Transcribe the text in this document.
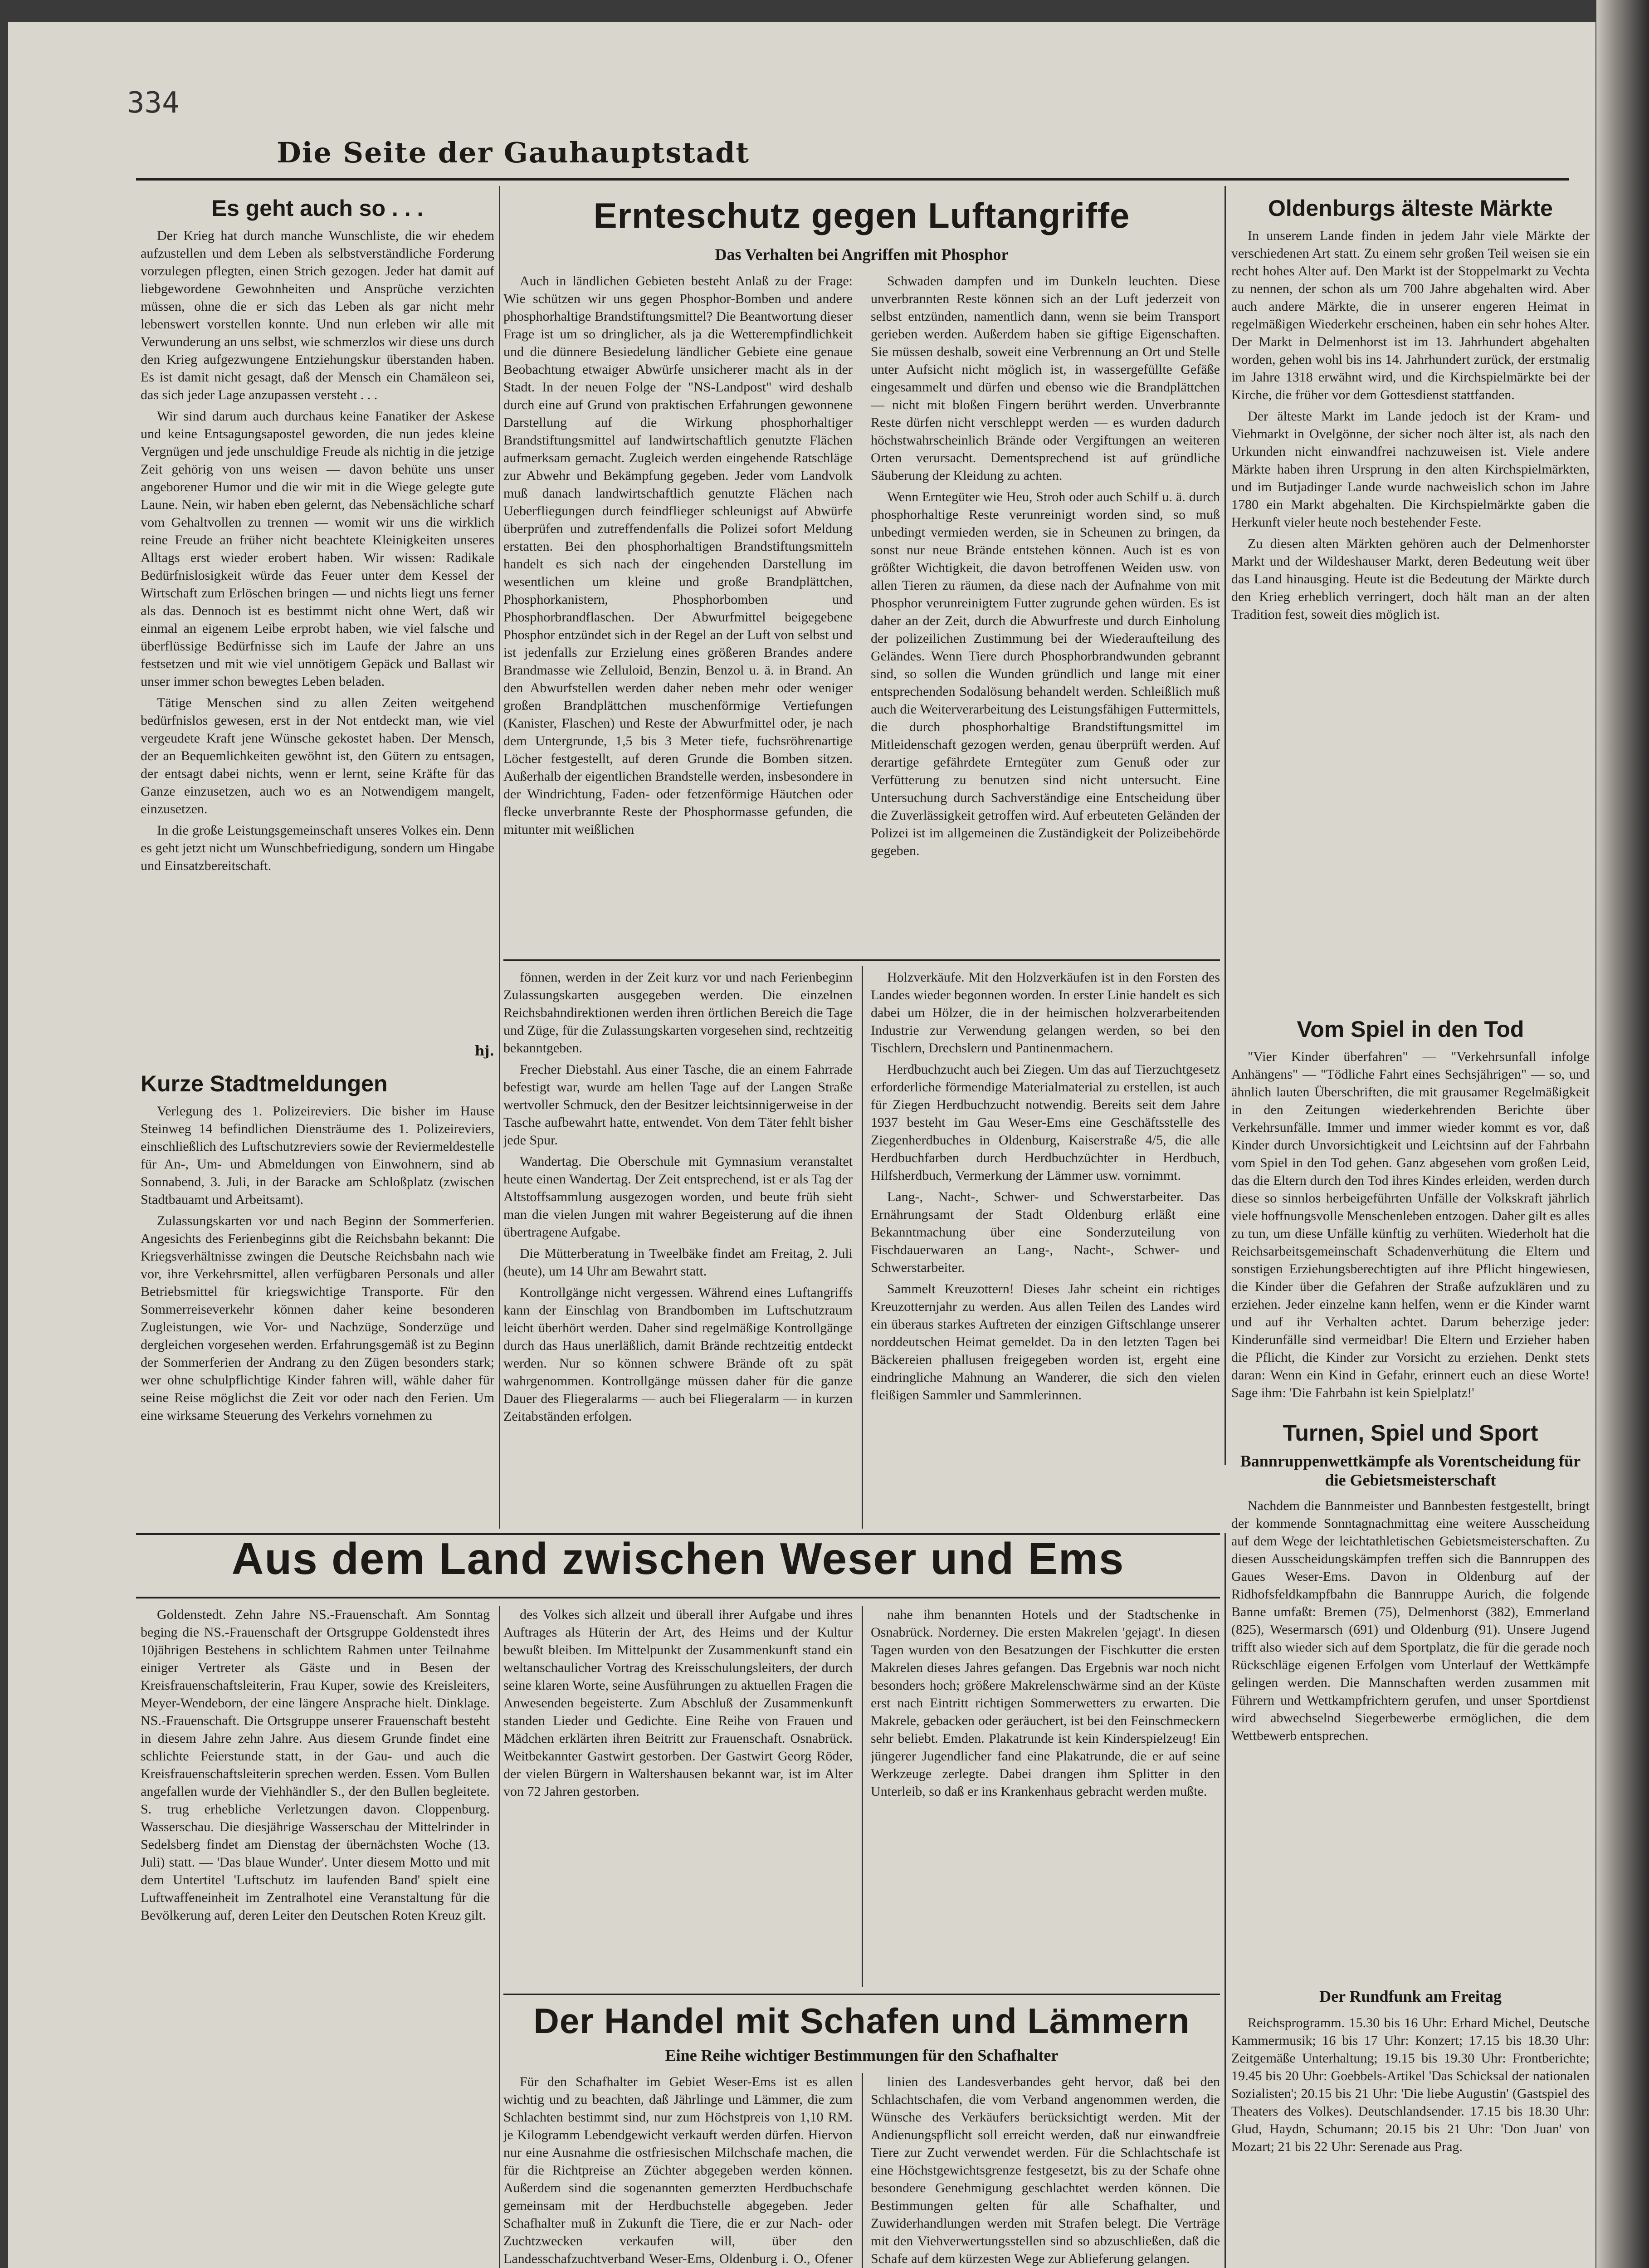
334
Die Seite der Gauhauptstadt
Es geht auch so . . .

Der Krieg hat durch manche Wunschliste, die wir ehedem aufzustellen und dem Leben als selbstverständliche Forderung vorzulegen pflegten, einen Strich gezogen. Jeder hat damit auf liebgewordene Gewohnheiten und Ansprüche verzichten müssen, ohne die er sich das Leben als gar nicht mehr lebenswert vorstellen konnte. Und nun erleben wir alle mit Verwunderung an uns selbst, wie schmerzlos wir diese uns durch den Krieg aufgezwungene Entziehungskur überstanden haben. Es ist damit nicht gesagt, daß der Mensch ein Chamäleon sei, das sich jeder Lage anzupassen versteht . . .

Wir sind darum auch durchaus keine Fanatiker der Askese und keine Entsagungsapostel geworden, die nun jedes kleine Vergnügen und jede unschuldige Freude als nichtig in die jetzige Zeit gehörig von uns weisen — davon behüte uns unser angeborener Humor und die wir mit in die Wiege gelegte gute Laune. Nein, wir haben eben gelernt, das Nebensächliche scharf vom Gehaltvollen zu trennen — womit wir uns die wirklich reine Freude an früher nicht beachtete Kleinigkeiten unseres Alltags erst wieder erobert haben. Wir wissen: Radikale Bedürfnislosigkeit würde das Feuer unter dem Kessel der Wirtschaft zum Erlöschen bringen — und nichts liegt uns ferner als das. Dennoch ist es bestimmt nicht ohne Wert, daß wir einmal an eigenem Leibe erprobt haben, wie viel falsche und überflüssige Bedürfnisse sich im Laufe der Jahre an uns festsetzen und mit wie viel unnötigem Gepäck und Ballast wir unser immer schon bewegtes Leben beladen.

Tätige Menschen sind zu allen Zeiten weitgehend bedürfnislos gewesen, erst in der Not entdeckt man, wie viel vergeudete Kraft jene Wünsche gekostet haben. Der Mensch, der an Bequemlichkeiten gewöhnt ist, den Gütern zu entsagen, der entsagt dabei nichts, wenn er lernt, seine Kräfte für das Ganze einzusetzen, auch wo es an Notwendigem mangelt, einzusetzen.

In die große Leistungsgemeinschaft unseres Volkes ein. Denn es geht jetzt nicht um Wunschbefriedigung, sondern um Hingabe und Einsatzbereitschaft.

hj.
Kurze Stadtmeldungen

Verlegung des 1. Polizeireviers. Die bisher im Hause Steinweg 14 befindlichen Diensträume des 1. Polizeireviers, einschließlich des Luftschutzreviers sowie der Reviermeldestelle für An-, Um- und Abmeldungen von Einwohnern, sind ab Sonnabend, 3. Juli, in der Baracke am Schloßplatz (zwischen Stadtbauamt und Arbeitsamt).

Zulassungskarten vor und nach Beginn der Sommerferien. Angesichts des Ferienbeginns gibt die Reichsbahn bekannt: Die Kriegsverhältnisse zwingen die Deutsche Reichsbahn nach wie vor, ihre Verkehrsmittel, allen verfügbaren Personals und aller Betriebsmittel für kriegswichtige Transporte. Für den Sommerreiseverkehr können daher keine besonderen Zugleistungen, wie Vor- und Nachzüge, Sonderzüge und dergleichen vorgesehen werden. Erfahrungsgemäß ist zu Beginn der Sommerferien der Andrang zu den Zügen besonders stark; wer ohne schulpflichtige Kinder fahren will, wähle daher für seine Reise möglichst die Zeit vor oder nach den Ferien. Um eine wirksame Steuerung des Verkehrs vornehmen zu

Ernteschutz gegen Luftangriffe
Das Verhalten bei Angriffen mit Phosphor

Auch in ländlichen Gebieten besteht Anlaß zu der Frage: Wie schützen wir uns gegen Phosphor-Bomben und andere phosphorhaltige Brandstiftungsmittel? Die Beantwortung dieser Frage ist um so dringlicher, als ja die Wetterempfindlichkeit und die dünnere Besiedelung ländlicher Gebiete eine genaue Beobachtung etwaiger Abwürfe unsicherer macht als in der Stadt. In der neuen Folge der "NS-Landpost" wird deshalb durch eine auf Grund von praktischen Erfahrungen gewonnene Darstellung auf die Wirkung phosphorhaltiger Brandstiftungsmittel auf landwirtschaftlich genutzte Flächen aufmerksam gemacht. Zugleich werden eingehende Ratschläge zur Abwehr und Bekämpfung gegeben. Jeder vom Landvolk muß danach landwirtschaftlich genutzte Flächen nach Ueberfliegungen durch feindflieger schleunigst auf Abwürfe überprüfen und zutreffendenfalls die Polizei sofort Meldung erstatten. Bei den phosphorhaltigen Brandstiftungsmitteln handelt es sich nach der eingehenden Darstellung im wesentlichen um kleine und große Brandplättchen, Phosphorkanistern, Phosphorbomben und Phosphorbrandflaschen. Der Abwurfmittel beigegebene Phosphor entzündet sich in der Regel an der Luft von selbst und ist jedenfalls zur Erzielung eines größeren Brandes andere Brandmasse wie Zelluloid, Benzin, Benzol u. ä. in Brand. An den Abwurfstellen werden daher neben mehr oder weniger großen Brandplättchen muschenförmige Vertiefungen (Kanister, Flaschen) und Reste der Abwurfmittel oder, je nach dem Untergrunde, 1,5 bis 3 Meter tiefe, fuchsröhrenartige Löcher festgestellt, auf deren Grunde die Bomben sitzen. Außerhalb der eigentlichen Brandstelle werden, insbesondere in der Windrichtung, Faden- oder fetzenförmige Häutchen oder flecke unverbrannte Reste der Phosphormasse gefunden, die mitunter mit weißlichen

Schwaden dampfen und im Dunkeln leuchten. Diese unverbrannten Reste können sich an der Luft jederzeit von selbst entzünden, namentlich dann, wenn sie beim Transport gerieben werden. Außerdem haben sie giftige Eigenschaften. Sie müssen deshalb, soweit eine Verbrennung an Ort und Stelle unter Aufsicht nicht möglich ist, in wassergefüllte Gefäße eingesammelt und dürfen und ebenso wie die Brandplättchen — nicht mit bloßen Fingern berührt werden. Unverbrannte Reste dürfen nicht verschleppt werden — es wurden dadurch höchstwahrscheinlich Brände oder Vergiftungen an weiteren Orten verursacht. Dementsprechend ist auf gründliche Säuberung der Kleidung zu achten.

Wenn Erntegüter wie Heu, Stroh oder auch Schilf u. ä. durch phosphorhaltige Reste verunreinigt worden sind, so muß unbedingt vermieden werden, sie in Scheunen zu bringen, da sonst nur neue Brände entstehen können. Auch ist es von größter Wichtigkeit, die davon betroffenen Weiden usw. von allen Tieren zu räumen, da diese nach der Aufnahme von mit Phosphor verunreinigtem Futter zugrunde gehen würden. Es ist daher an der Zeit, durch die Abwurfreste und durch Einholung der polizeilichen Zustimmung bei der Wiederaufteilung des Geländes. Wenn Tiere durch Phosphorbrandwunden gebrannt sind, so sollen die Wunden gründlich und lange mit einer entsprechenden Sodalösung behandelt werden. Schleißlich muß auch die Weiterverarbeitung des Leistungsfähigen Futtermittels, die durch phosphorhaltige Brandstiftungsmittel im Mitleidenschaft gezogen werden, genau überprüft werden. Auf derartige gefährdete Erntegüter zum Genuß oder zur Verfütterung zu benutzen sind nicht untersucht. Eine Untersuchung durch Sachverständige eine Entscheidung über die Zuverlässigkeit getroffen wird. Auf erbeuteten Geländen der Polizei ist im allgemeinen die Zuständigkeit der Polizeibehörde gegeben.

fönnen, werden in der Zeit kurz vor und nach Ferienbeginn Zulassungskarten ausgegeben werden. Die einzelnen Reichsbahndirektionen werden ihren örtlichen Bereich die Tage und Züge, für die Zulassungskarten vorgesehen sind, rechtzeitig bekanntgeben.

Frecher Diebstahl. Aus einer Tasche, die an einem Fahrrade befestigt war, wurde am hellen Tage auf der Langen Straße wertvoller Schmuck, den der Besitzer leichtsinnigerweise in der Tasche aufbewahrt hatte, entwendet. Von dem Täter fehlt bisher jede Spur.

Wandertag. Die Oberschule mit Gymnasium veranstaltet heute einen Wandertag. Der Zeit entsprechend, ist er als Tag der Altstoffsammlung ausgezogen worden, und beute früh sieht man die vielen Jungen mit wahrer Begeisterung auf die ihnen übertragene Aufgabe.

Die Mütterberatung in Tweelbäke findet am Freitag, 2. Juli (heute), um 14 Uhr am Bewahrt statt.

Kontrollgänge nicht vergessen. Während eines Luftangriffs kann der Einschlag von Brandbomben im Luftschutzraum leicht überhört werden. Daher sind regelmäßige Kontrollgänge durch das Haus unerläßlich, damit Brände rechtzeitig entdeckt werden. Nur so können schwere Brände oft zu spät wahrgenommen. Kontrollgänge müssen daher für die ganze Dauer des Fliegeralarms — auch bei Fliegeralarm — in kurzen Zeitabständen erfolgen.

Holzverkäufe. Mit den Holzverkäufen ist in den Forsten des Landes wieder begonnen worden. In erster Linie handelt es sich dabei um Hölzer, die in der heimischen holzverarbeitenden Industrie zur Verwendung gelangen werden, so bei den Tischlern, Drechslern und Pantinenmachern.

Herdbuchzucht auch bei Ziegen. Um das auf Tierzuchtgesetz erforderliche förmendige Materialmaterial zu erstellen, ist auch für Ziegen Herdbuchzucht notwendig. Bereits seit dem Jahre 1937 besteht im Gau Weser-Ems eine Geschäftsstelle des Ziegenherdbuches in Oldenburg, Kaiserstraße 4/5, die alle Herdbuchfarben durch Herdbuchzüchter in Herdbuch, Hilfsherdbuch, Vermerkung der Lämmer usw. vornimmt.

Lang-, Nacht-, Schwer- und Schwerstarbeiter. Das Ernährungsamt der Stadt Oldenburg erläßt eine Bekanntmachung über eine Sonderzuteilung von Fischdauerwaren an Lang-, Nacht-, Schwer- und Schwerstarbeiter.

Sammelt Kreuzottern! Dieses Jahr scheint ein richtiges Kreuzotternjahr zu werden. Aus allen Teilen des Landes wird ein überaus starkes Auftreten der einzigen Giftschlange unserer norddeutschen Heimat gemeldet. Da in den letzten Tagen bei Bäckereien phallusen freigegeben worden ist, ergeht eine eindringliche Mahnung an Wanderer, die sich den vielen fleißigen Sammler und Sammlerinnen.

Oldenburgs älteste Märkte

In unserem Lande finden in jedem Jahr viele Märkte der verschiedenen Art statt. Zu einem sehr großen Teil weisen sie ein recht hohes Alter auf. Den Markt ist der Stoppelmarkt zu Vechta zu nennen, der schon als um 700 Jahre abgehalten wird. Aber auch andere Märkte, die in unserer engeren Heimat in regelmäßigen Wiederkehr erscheinen, haben ein sehr hohes Alter. Der Markt in Delmenhorst ist im 13. Jahrhundert abgehalten worden, gehen wohl bis ins 14. Jahrhundert zurück, der erstmalig im Jahre 1318 erwähnt wird, und die Kirchspielmärkte bei der Kirche, die früher vor dem Gottesdienst stattfanden.

Der älteste Markt im Lande jedoch ist der Kram- und Viehmarkt in Ovelgönne, der sicher noch älter ist, als nach den Urkunden nicht einwandfrei nachzuweisen ist. Viele andere Märkte haben ihren Ursprung in den alten Kirchspielmärkten, und im Butjadinger Lande wurde nachweislich schon im Jahre 1780 ein Markt abgehalten. Die Kirchspielmärkte gaben die Herkunft vieler heute noch bestehender Feste.

Zu diesen alten Märkten gehören auch der Delmenhorster Markt und der Wildeshauser Markt, deren Bedeutung weit über das Land hinausging. Heute ist die Bedeutung der Märkte durch den Krieg erheblich verringert, doch hält man an der alten Tradition fest, soweit dies möglich ist.

Vom Spiel in den Tod

"Vier Kinder überfahren" — "Verkehrsunfall infolge Anhängens" — "Tödliche Fahrt eines Sechsjährigen" — so, und ähnlich lauten Überschriften, die mit grausamer Regelmäßigkeit in den Zeitungen wiederkehrenden Berichte über Verkehrsunfälle. Immer und immer wieder kommt es vor, daß Kinder durch Unvorsichtigkeit und Leichtsinn auf der Fahrbahn vom Spiel in den Tod gehen. Ganz abgesehen vom großen Leid, das die Eltern durch den Tod ihres Kindes erleiden, werden durch diese so sinnlos herbeigeführten Unfälle der Volkskraft jährlich viele hoffnungsvolle Menschenleben entzogen. Daher gilt es alles zu tun, um diese Unfälle künftig zu verhüten. Wiederholt hat die Reichsarbeitsgemeinschaft Schadenverhütung die Eltern und sonstigen Erziehungsberechtigten auf ihre Pflicht hingewiesen, die Kinder über die Gefahren der Straße aufzuklären und zu erziehen. Jeder einzelne kann helfen, wenn er die Kinder warnt und auf ihr Verhalten achtet. Darum beherzige jeder: Kinderunfälle sind vermeidbar! Die Eltern und Erzieher haben die Pflicht, die Kinder zur Vorsicht zu erziehen. Denkt stets daran: Wenn ein Kind in Gefahr, erinnert euch an diese Worte! Sage ihm: 'Die Fahrbahn ist kein Spielplatz!'

Turnen, Spiel und Sport
Bannruppenwettkämpfe als Vorentscheidung für die Gebietsmeisterschaft

Nachdem die Bannmeister und Bannbesten festgestellt, bringt der kommende Sonntagnachmittag eine weitere Ausscheidung auf dem Wege der leichtathletischen Gebietsmeisterschaften. Zu diesen Ausscheidungskämpfen treffen sich die Bannruppen des Gaues Weser-Ems. Davon in Oldenburg auf der Ridhofsfeldkampfbahn die Bannruppe Aurich, die folgende Banne umfaßt: Bremen (75), Delmenhorst (382), Emmerland (825), Wesermarsch (691) und Oldenburg (91). Unsere Jugend trifft also wieder sich auf dem Sportplatz, die für die gerade noch Rückschläge eigenen Erfolgen vom Unterlauf der Wettkämpfe gelingen werden. Die Mannschaften werden zusammen mit Führern und Wettkampfrichtern gerufen, und unser Sportdienst wird abwechselnd Siegerbewerbe ermöglichen, die dem Wettbewerb entsprechen.

Der Rundfunk am Freitag

Reichsprogramm. 15.30 bis 16 Uhr: Erhard Michel, Deutsche Kammermusik; 16 bis 17 Uhr: Konzert; 17.15 bis 18.30 Uhr: Zeitgemäße Unterhaltung; 19.15 bis 19.30 Uhr: Frontberichte; 19.45 bis 20 Uhr: Goebbels-Artikel 'Das Schicksal der nationalen Sozialisten'; 20.15 bis 21 Uhr: 'Die liebe Augustin' (Gastspiel des Theaters des Volkes). Deutschlandsender. 17.15 bis 18.30 Uhr: Glud, Haydn, Schumann; 20.15 bis 21 Uhr: 'Don Juan' von Mozart; 21 bis 22 Uhr: Serenade aus Prag.

Aus dem Land zwischen Weser und Ems

Goldenstedt. Zehn Jahre NS.-Frauenschaft. Am Sonntag beging die NS.-Frauenschaft der Ortsgruppe Goldenstedt ihres 10jährigen Bestehens in schlichtem Rahmen unter Teilnahme einiger Vertreter als Gäste und in Besen der Kreisfrauenschaftsleiterin, Frau Kuper, sowie des Kreisleiters, Meyer-Wendeborn, der eine längere Ansprache hielt. Dinklage. NS.-Frauenschaft. Die Ortsgruppe unserer Frauenschaft besteht in diesem Jahre zehn Jahre. Aus diesem Grunde findet eine schlichte Feierstunde statt, in der Gau- und auch die Kreisfrauenschaftsleiterin sprechen werden. Essen. Vom Bullen angefallen wurde der Viehhändler S., der den Bullen begleitete. S. trug erhebliche Verletzungen davon. Cloppenburg. Wasserschau. Die diesjährige Wasserschau der Mittelrinder in Sedelsberg findet am Dienstag der übernächsten Woche (13. Juli) statt. — 'Das blaue Wunder'. Unter diesem Motto und mit dem Untertitel 'Luftschutz im laufenden Band' spielt eine Luftwaffeneinheit im Zentralhotel eine Veranstaltung für die Bevölkerung auf, deren Leiter den Deutschen Roten Kreuz gilt.

des Volkes sich allzeit und überall ihrer Aufgabe und ihres Auftrages als Hüterin der Art, des Heims und der Kultur bewußt bleiben. Im Mittelpunkt der Zusammenkunft stand ein weltanschaulicher Vortrag des Kreisschulungsleiters, der durch seine klaren Worte, seine Ausführungen zu aktuellen Fragen die Anwesenden begeisterte. Zum Abschluß der Zusammenkunft standen Lieder und Gedichte. Eine Reihe von Frauen und Mädchen erklärten ihren Beitritt zur Frauenschaft. Osnabrück. Weitbekannter Gastwirt gestorben. Der Gastwirt Georg Röder, der vielen Bürgern in Waltershausen bekannt war, ist im Alter von 72 Jahren gestorben.

nahe ihm benannten Hotels und der Stadtschenke in Osnabrück. Norderney. Die ersten Makrelen 'gejagt'. In diesen Tagen wurden von den Besatzungen der Fischkutter die ersten Makrelen dieses Jahres gefangen. Das Ergebnis war noch nicht besonders hoch; größere Makrelenschwärme sind an der Küste erst nach Eintritt richtigen Sommerwetters zu erwarten. Die Makrele, gebacken oder geräuchert, ist bei den Feinschmeckern sehr beliebt. Emden. Plakatrunde ist kein Kinderspielzeug! Ein jüngerer Jugendlicher fand eine Plakatrunde, die er auf seine Werkzeuge zerlegte. Dabei drangen ihm Splitter in den Unterleib, so daß er ins Krankenhaus gebracht werden mußte.

Der Handel mit Schafen und Lämmern
Eine Reihe wichtiger Bestimmungen für den Schafhalter

Für den Schafhalter im Gebiet Weser-Ems ist es allen wichtig und zu beachten, daß Jährlinge und Lämmer, die zum Schlachten bestimmt sind, nur zum Höchstpreis von 1,10 RM. je Kilogramm Lebendgewicht verkauft werden dürfen. Hiervon nur eine Ausnahme die ostfriesischen Milchschafe machen, die für die Richtpreise an Züchter abgegeben werden können. Außerdem sind die sogenannten gemerzten Herdbuchschafe gemeinsam mit der Herdbuchstelle abgegeben. Jeder Schafhalter muß in Zukunft die Tiere, die er zur Nach- oder Zuchtzwecken verkaufen will, über den Landesschafzuchtverband Weser-Ems, Oldenburg i. O., Ofener

linien des Landesverbandes geht hervor, daß bei den Schlachtschafen, die vom Verband angenommen werden, die Wünsche des Verkäufers berücksichtigt werden. Mit der Andienungspflicht soll erreicht werden, daß nur einwandfreie Tiere zur Zucht verwendet werden. Für die Schlachtschafe ist eine Höchstgewichtsgrenze festgesetzt, bis zu der Schafe ohne besondere Genehmigung geschlachtet werden können. Die Bestimmungen gelten für alle Schafhalter, und Zuwiderhandlungen werden mit Strafen belegt. Die Verträge mit den Viehverwertungsstellen sind so abzuschließen, daß die Schafe auf dem kürzesten Wege zur Ablieferung gelangen.
